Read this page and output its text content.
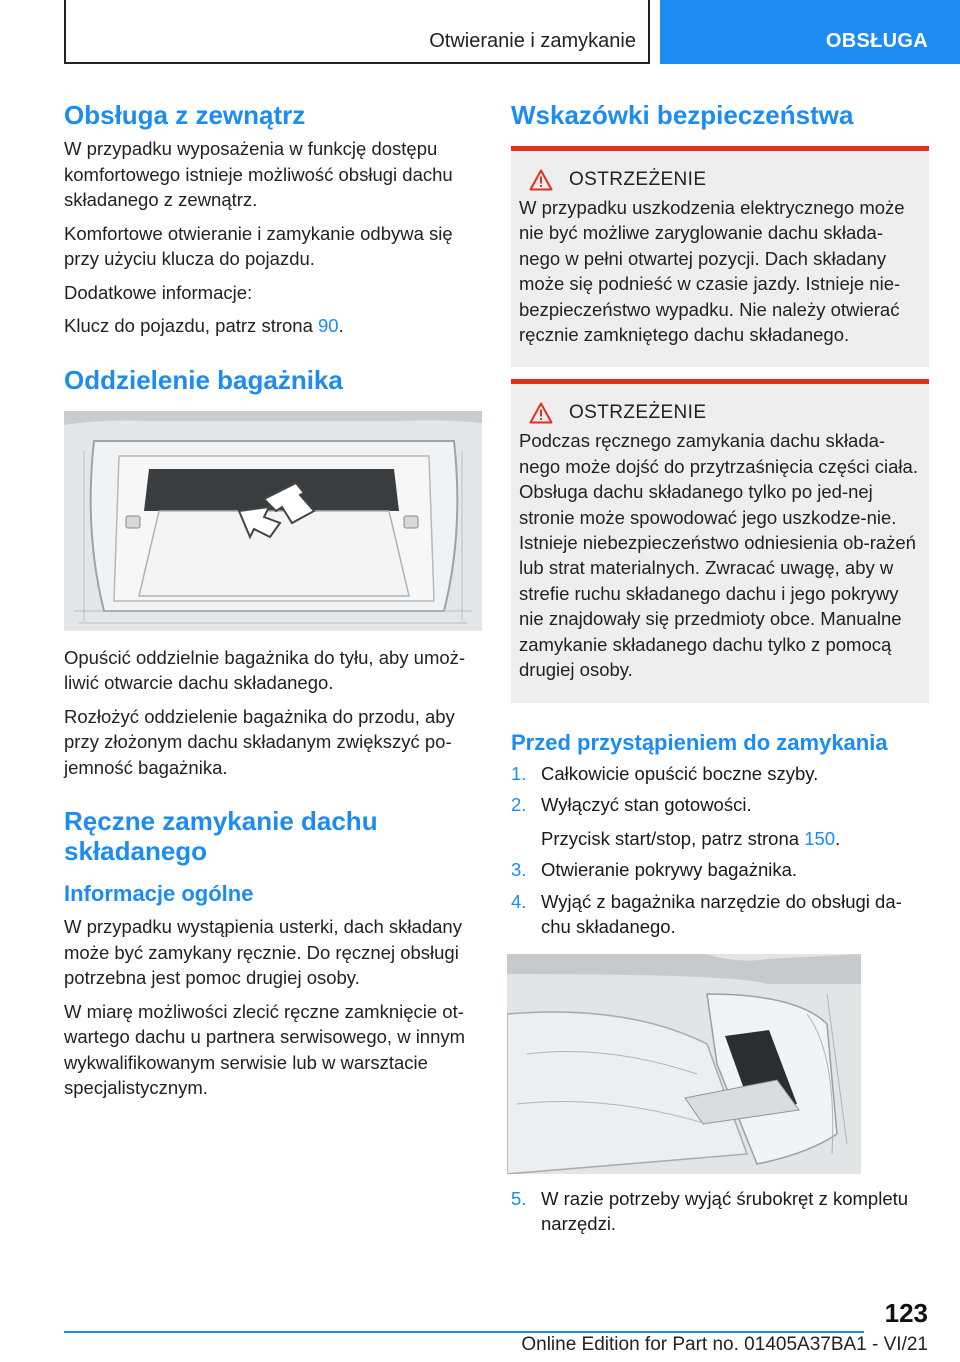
Otwieranie i zamykanie	OBSŁUGA
Obsługa z zewnątrz

W przypadku wyposażenia w funkcję dostępu komfortowego istnieje możliwość obsługi dachu składanego z zewnątrz.

Komfortowe otwieranie i zamykanie odbywa się przy użyciu klucza do pojazdu.

Dodatkowe informacje:

Klucz do pojazdu, patrz strona 90.

Oddzielenie bagażnika

Opuścić oddzielnie bagażnika do tyłu, aby umoż‐liwić otwarcie dachu składanego.

Rozłożyć oddzielenie bagażnika do przodu, aby przy złożonym dachu składanym zwiększyć po‐jemność bagażnika.

Ręczne zamykanie dachu składanego
Informacje ogólne

W przypadku wystąpienia usterki, dach składany może być zamykany ręcznie. Do ręcznej obsługi potrzebna jest pomoc drugiej osoby.

W miarę możliwości zlecić ręczne zamknięcie ot‐wartego dachu u partnera serwisowego, w innym wykwalifikowanym serwisie lub w warsztacie specjalistycznym.

Wskazówki bezpieczeństwa
OSTRZEŻENIE

W przypadku uszkodzenia elektrycznego może nie być możliwe zaryglowanie dachu składa‐nego w pełni otwartej pozycji. Dach składany może się podnieść w czasie jazdy. Istnieje nie‐bezpieczeństwo wypadku. Nie należy otwierać ręcznie zamkniętego dachu składanego.

OSTRZEŻENIE

Podczas ręcznego zamykania dachu składa‐nego może dojść do przytrzaśnięcia części ciała. Obsługa dachu składanego tylko po jed‐nej stronie może spowodować jego uszkodze‐nie. Istnieje niebezpieczeństwo odniesienia ob‐rażeń lub strat materialnych. Zwracać uwagę, aby w strefie ruchu składanego dachu i jego pokrywy nie znajdowały się przedmioty obce. Manualne zamykanie składanego dachu tylko z pomocą drugiej osoby.

Przed przystąpieniem do zamykania
1. Całkowicie opuścić boczne szyby.
2. Wyłączyć stan gotowości.
Przycisk start/stop, patrz strona 150.
3. Otwieranie pokrywy bagażnika.
4. Wyjąć z bagażnika narzędzie do obsługi da‐chu składanego.
5. W razie potrzeby wyjąć śrubokręt z kompletu narzędzi.
123
Online Edition for Part no. 01405A37BA1 - VI/21
